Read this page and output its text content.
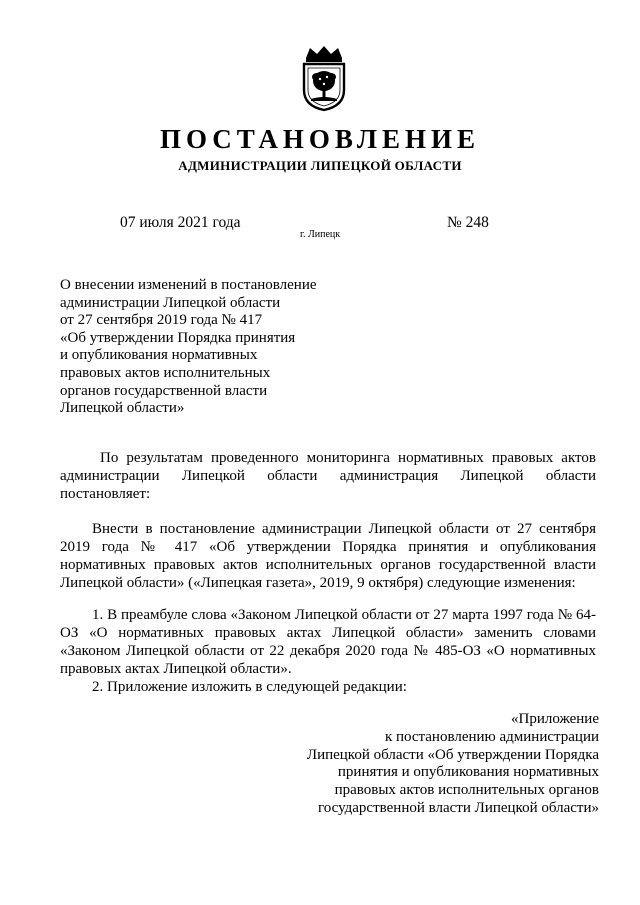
ПОСТАНОВЛЕНИЕ
АДМИНИСТРАЦИИ ЛИПЕЦКОЙ ОБЛАСТИ
07 июля 2021 года
г. Липецк
№ 248
О внесении изменений в постановление
администрации Липецкой области
от 27 сентября 2019 года № 417
«Об утверждении Порядка принятия
и опубликования нормативных
правовых актов исполнительных
органов государственной власти
Липецкой области»
По результатам проведенного мониторинга нормативных правовых актов администрации Липецкой области администрация Липецкой области постановляет:
Внести в постановление администрации Липецкой области от 27 сентября 2019 года № 417 «Об утверждении Порядка принятия и опубликования нормативных правовых актов исполнительных органов государственной власти Липецкой области» («Липецкая газета», 2019, 9 октября) следующие изменения:
1. В преамбуле слова «Законом Липецкой области от 27 марта 1997 года № 64-ОЗ «О нормативных правовых актах Липецкой области» заменить словами «Законом Липецкой области от 22 декабря 2020 года № 485-ОЗ «О нормативных правовых актах Липецкой области».
2. Приложение изложить в следующей редакции:
«Приложение
к постановлению администрации
Липецкой области «Об утверждении Порядка
принятия и опубликования нормативных
правовых актов исполнительных органов
государственной власти Липецкой области»
